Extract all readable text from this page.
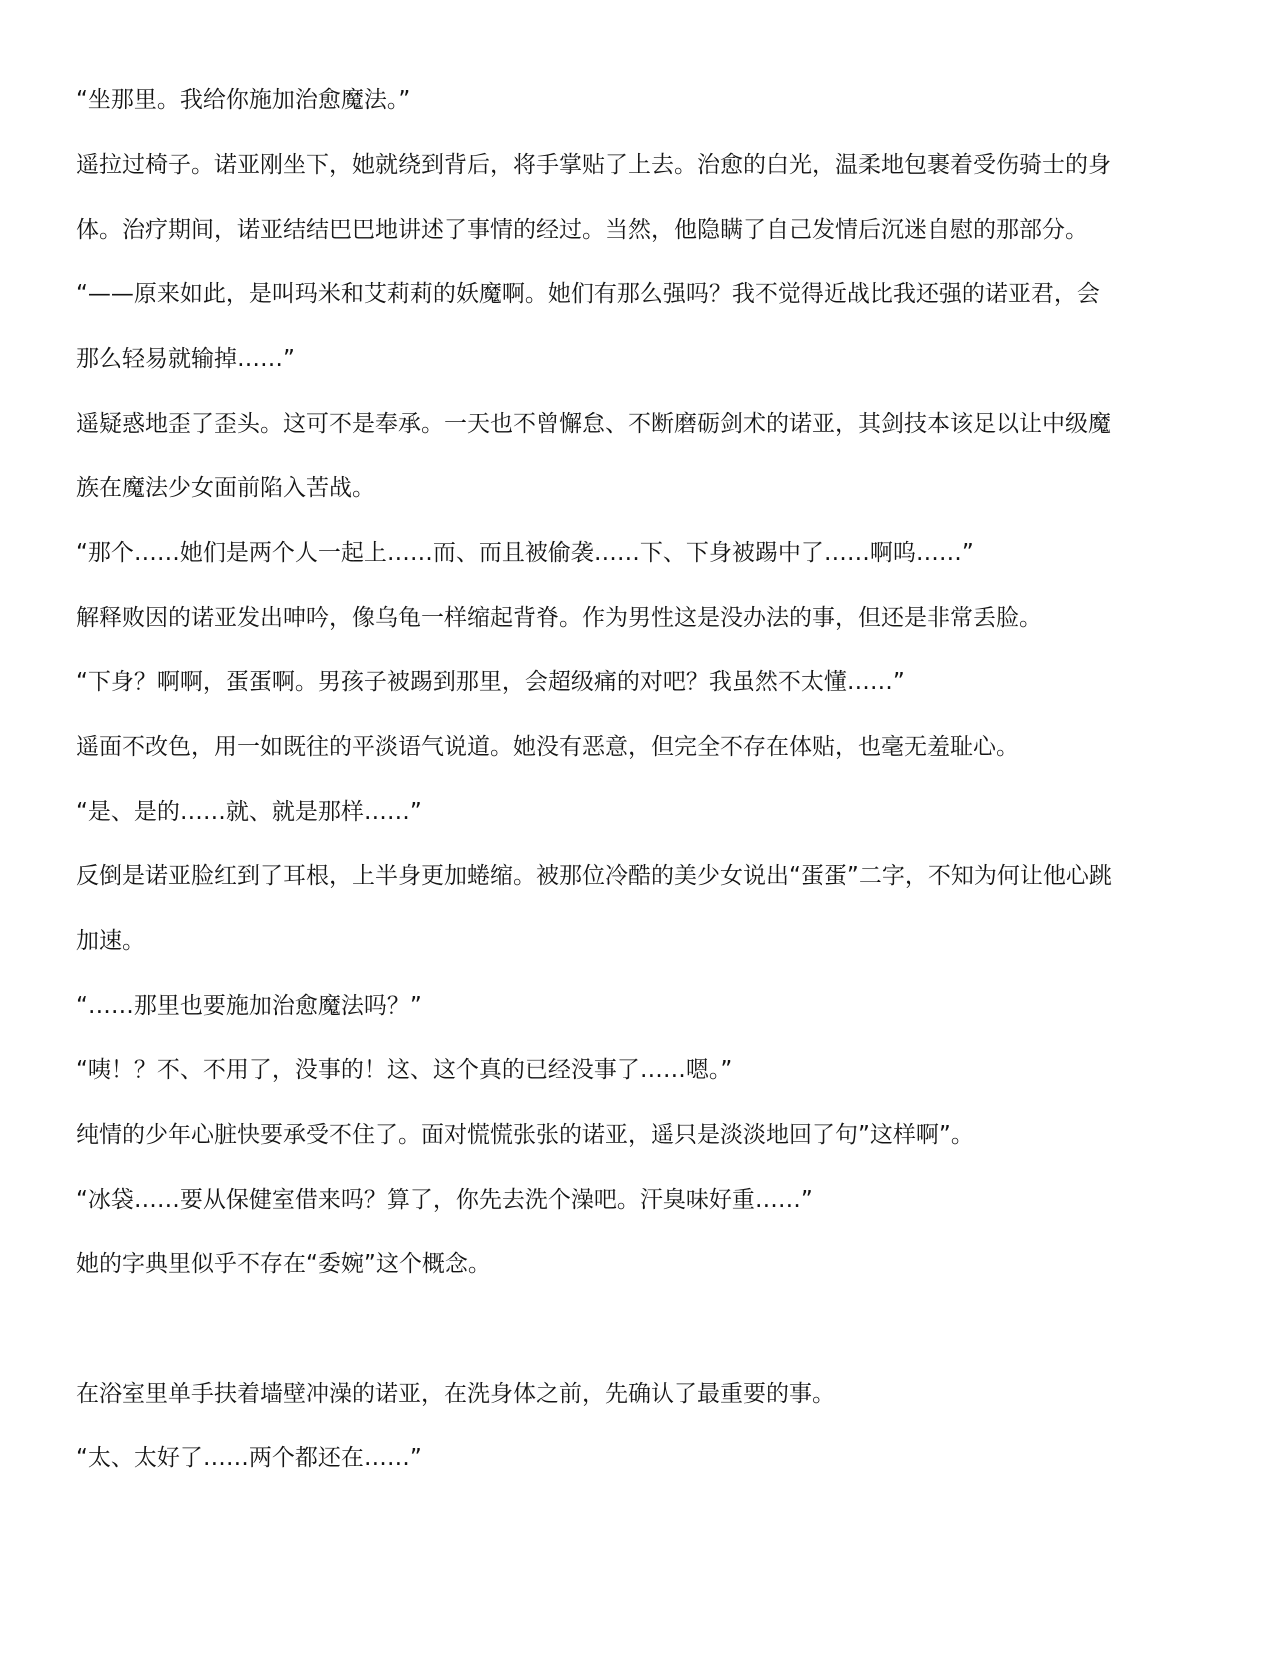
“坐那里。我给你施加治愈魔法。”

遥拉过椅子。诺亚刚坐下，她就绕到背后，将手掌贴了上去。治愈的白光，温柔地包裹着受伤骑士的身

体。治疗期间，诺亚结结巴巴地讲述了事情的经过。当然，他隐瞒了自己发情后沉迷自慰的那部分。

“——原来如此，是叫玛米和艾莉莉的妖魔啊。她们有那么强吗？我不觉得近战比我还强的诺亚君，会

那么轻易就输掉……”

遥疑惑地歪了歪头。这可不是奉承。一天也不曾懈怠、不断磨砺剑术的诺亚，其剑技本该足以让中级魔

族在魔法少女面前陷入苦战。

“那个……她们是两个人一起上……而、而且被偷袭……下、下身被踢中了……啊呜……”

解释败因的诺亚发出呻吟，像乌龟一样缩起背脊。作为男性这是没办法的事，但还是非常丢脸。

“下身？啊啊，蛋蛋啊。男孩子被踢到那里，会超级痛的对吧？我虽然不太懂……”

遥面不改色，用一如既往的平淡语气说道。她没有恶意，但完全不存在体贴，也毫无羞耻心。

“是、是的……就、就是那样……”

反倒是诺亚脸红到了耳根，上半身更加蜷缩。被那位冷酷的美少女说出“蛋蛋”二字，不知为何让他心跳

加速。

“……那里也要施加治愈魔法吗？”

“咦！？不、不用了，没事的！这、这个真的已经没事了……嗯。”

纯情的少年心脏快要承受不住了。面对慌慌张张的诺亚，遥只是淡淡地回了句”这样啊”。

“冰袋……要从保健室借来吗？算了，你先去洗个澡吧。汗臭味好重……”

她的字典里似乎不存在“委婉”这个概念。

在浴室里单手扶着墙壁冲澡的诺亚，在洗身体之前，先确认了最重要的事。

“太、太好了……两个都还在……”
